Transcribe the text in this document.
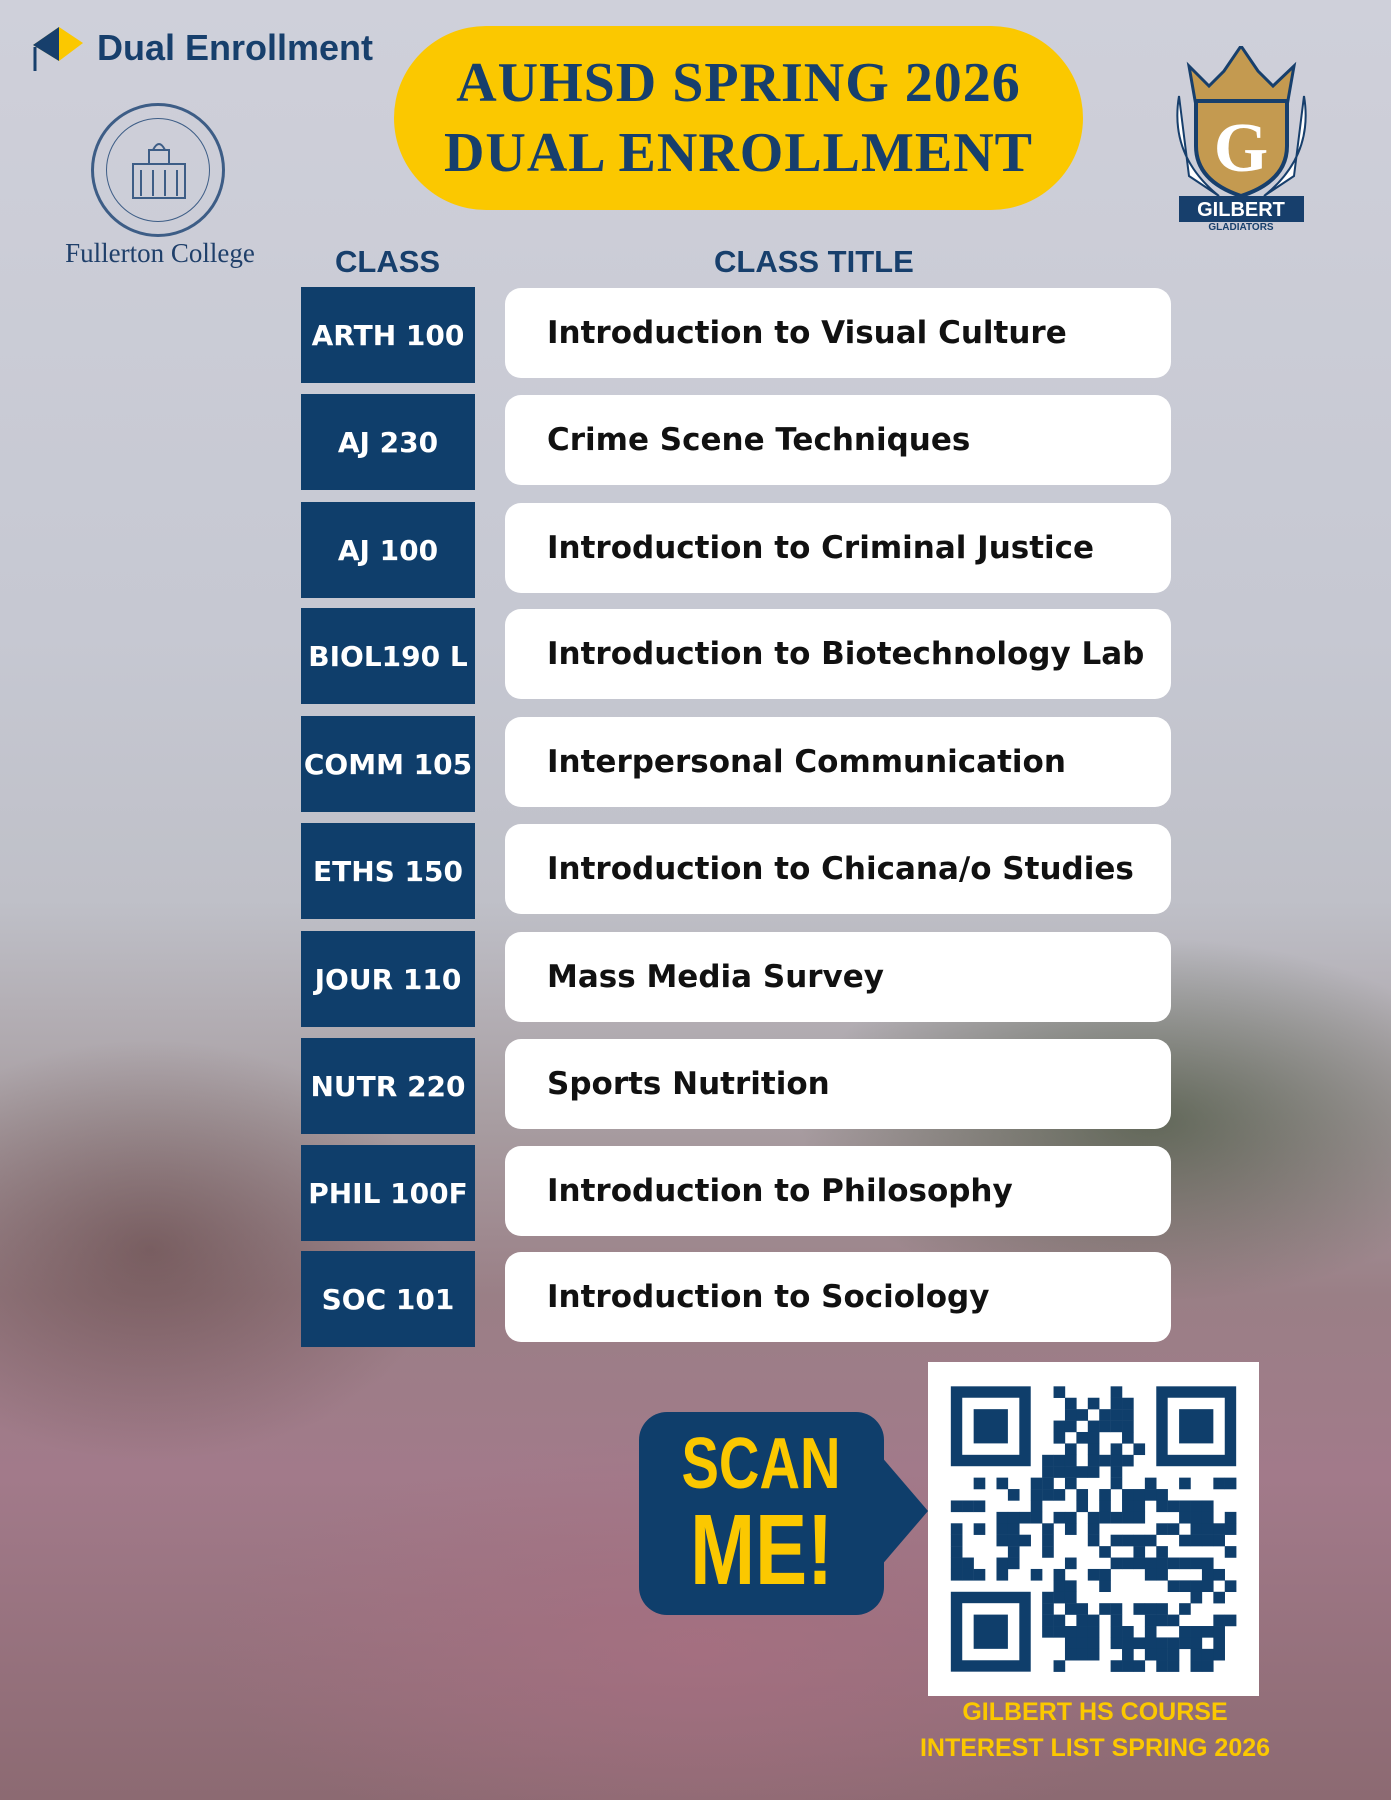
Dual Enrollment
Fullerton College
AUHSD SPRING 2026
DUAL ENROLLMENT	G
GILBERT
GLADIATORS
CLASS	CLASS TITLE
ARTH 100	Introduction to Visual Culture
AJ 230	Crime Scene Techniques
AJ 100	Introduction to Criminal Justice
BIOL190 L	Introduction to Biotechnology Lab
COMM 105	Interpersonal Communication
ETHS 150	Introduction to Chicana/o Studies
JOUR 110	Mass Media Survey
NUTR 220	Sports Nutrition
PHIL 100F	Introduction to Philosophy
SOC 101	Introduction to Sociology
SCAN
ME!
GILBERT HS COURSE
INTEREST LIST SPRING 2026
